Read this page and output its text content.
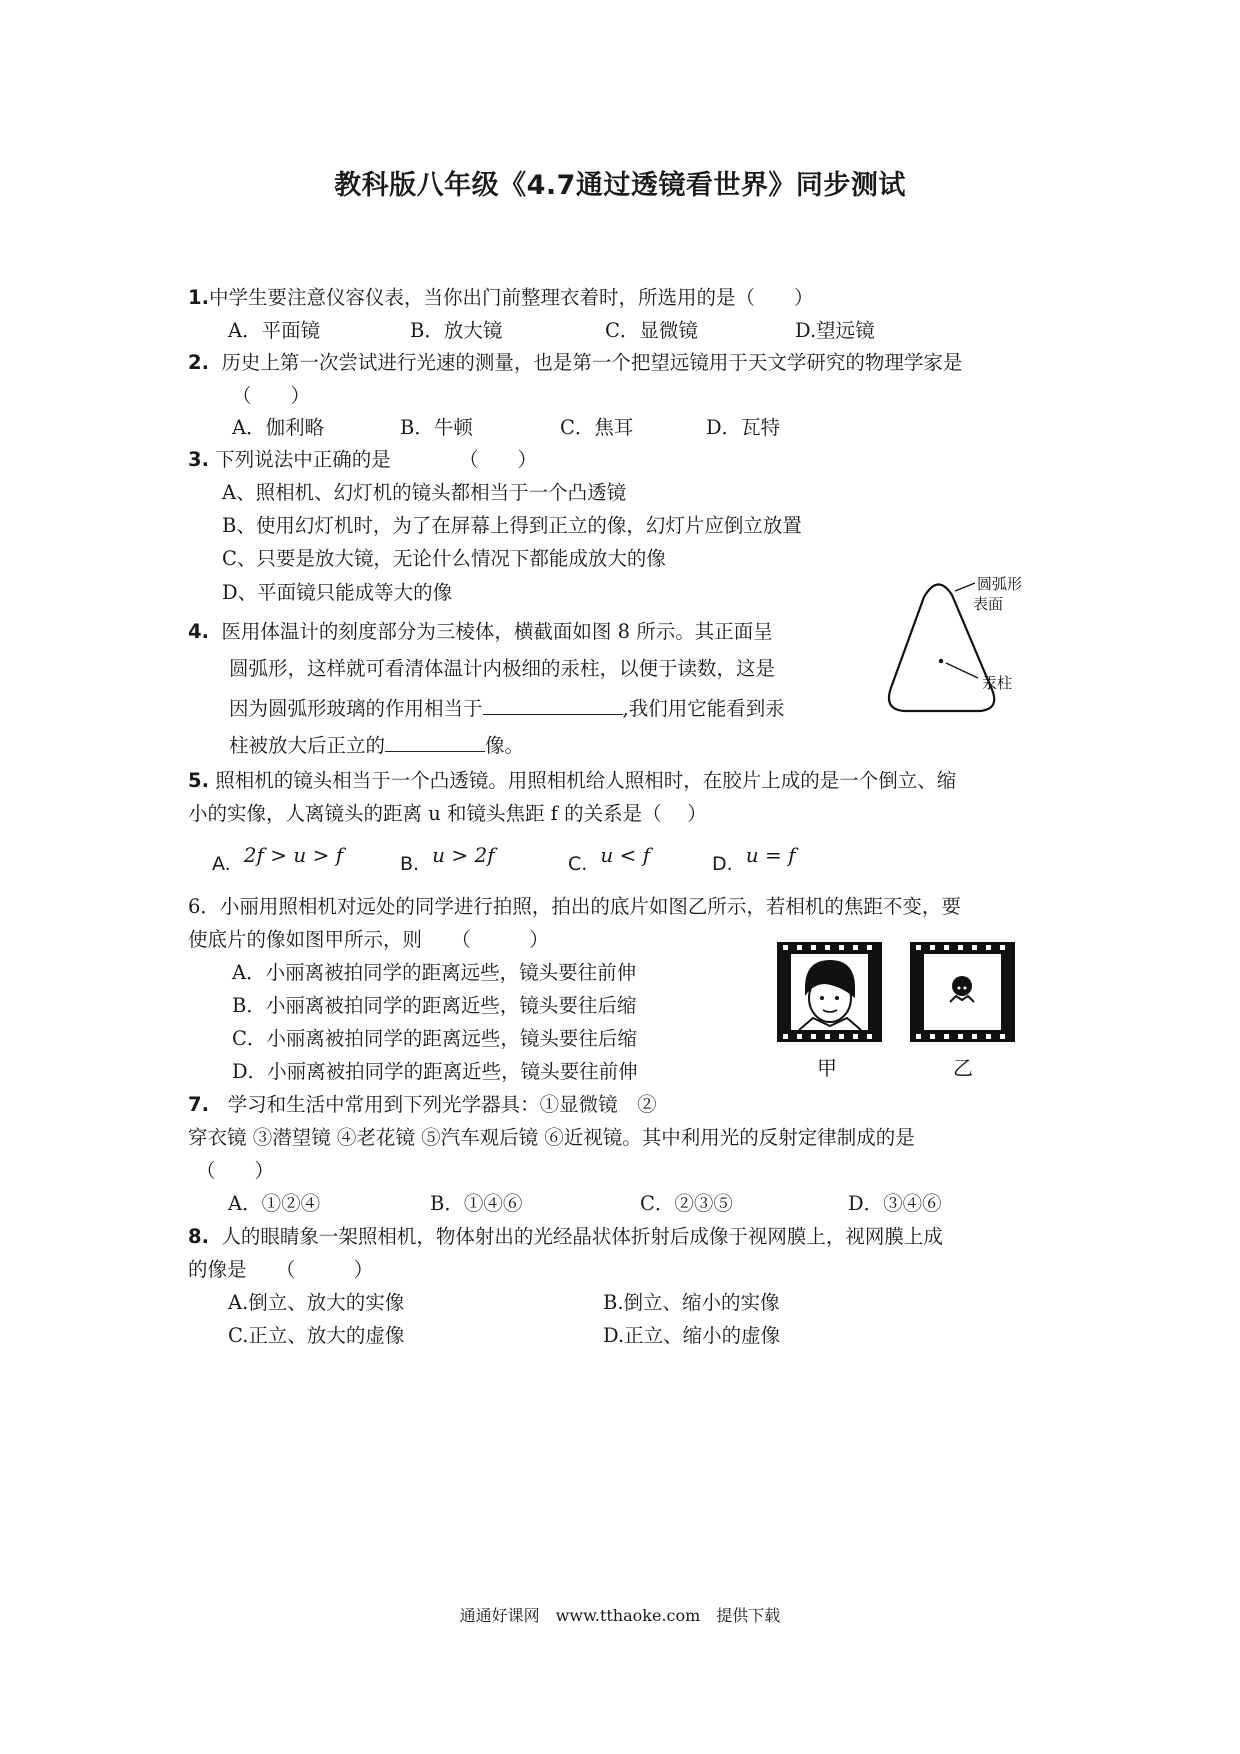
教科版八年级《4.7通过透镜看世界》同步测试
1.中学生要注意仪容仪表，当你出门前整理衣着时，所选用的是（　　）
A．平面镜	B．放大镜	C．显微镜	D.望远镜
2. 历史上第一次尝试进行光速的测量，也是第一个把望远镜用于天文学研究的物理学家是
（　　）
A．伽利略	B．牛顿	C．焦耳	D．瓦特
3. 下列说法中正确的是　　　　（　　）
A、照相机、幻灯机的镜头都相当于一个凸透镜
B、使用幻灯机时，为了在屏幕上得到正立的像，幻灯片应倒立放置
C、只要是放大镜，无论什么情况下都能成放大的像
D、平面镜只能成等大的像
4. 医用体温计的刻度部分为三棱体，横截面如图 8 所示。其正面呈
圆弧形，这样就可看清体温计内极细的汞柱，以便于读数，这是
因为圆弧形玻璃的作用相当于	,我们用它能看到汞
柱被放大后正立的	像。
圆弧形
表面
汞柱
5. 照相机的镜头相当于一个凸透镜。用照相机给人照相时，在胶片上成的是一个倒立、缩
小的实像，人离镜头的距离 u 和镜头焦距 f 的关系是（　 ）
A. 2f > u > f	B. u > 2f	C. u < f	D. u = f
6．小丽用照相机对远处的同学进行拍照，拍出的底片如图乙所示，若相机的焦距不变，要
使底片的像如图甲所示，则　　（　　　）
A．小丽离被拍同学的距离远些，镜头要往前伸
B．小丽离被拍同学的距离近些，镜头要往后缩
C．小丽离被拍同学的距离远些，镜头要往后缩
D．小丽离被拍同学的距离近些，镜头要往前伸	甲	乙
7. 学习和生活中常用到下列光学器具：①显微镜　②
穿衣镜 ③潜望镜 ④老花镜 ⑤汽车观后镜 ⑥近视镜。其中利用光的反射定律制成的是
（　　）
A．①②④	B．①④⑥	C．②③⑤	D．③④⑥
8. 人的眼睛象一架照相机，物体射出的光经晶状体折射后成像于视网膜上，视网膜上成
的像是　　（　　　）
A.倒立、放大的实像	B.倒立、缩小的实像
C.正立、放大的虚像	D.正立、缩小的虚像
通通好课网　www.tthaoke.com　提供下载
